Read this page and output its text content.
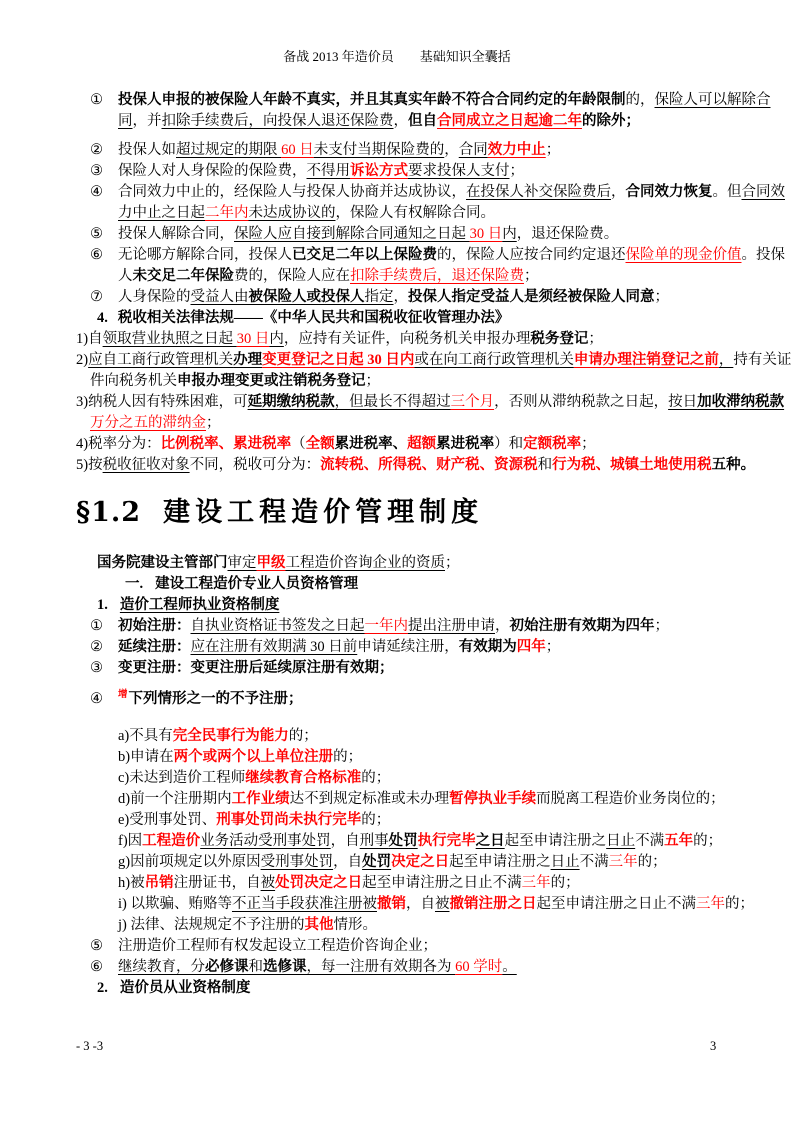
备战 2013 年造价员　　基础知识全囊括
① 投保人申报的被保险人年龄不真实，并且其真实年龄不符合合同约定的年龄限制的，保险人可以解除合同，并扣除手续费后，向投保人退还保险费，但自合同成立之日起逾二年的除外；
② 投保人如超过规定的期限 60 日未支付当期保险费的，合同效力中止；
③ 保险人对人身保险的保险费，不得用诉讼方式要求投保人支付；
④ 合同效力中止的，经保险人与投保人协商并达成协议，在投保人补交保险费后，合同效力恢复。但合同效力中止之日起二年内未达成协议的，保险人有权解除合同。
⑤ 投保人解除合同，保险人应自接到解除合同通知之日起 30 日内，退还保险费。
⑥ 无论哪方解除合同，投保人已交足二年以上保险费的，保险人应按合同约定退还保险单的现金价值。投保人未交足二年保险费的，保险人应在扣除手续费后，退还保险费；
⑦ 人身保险的受益人由被保险人或投保人指定，投保人指定受益人是须经被保险人同意；
4. 税收相关法律法规——《中华人民共和国税收征收管理办法》
1)自领取营业执照之日起 30 日内，应持有关证件，向税务机关申报办理税务登记；
2)应自工商行政管理机关办理变更登记之日起 30 日内或在向工商行政管理机关申请办理注销登记之前，持有关证件向税务机关申报办理变更或注销税务登记；
3)纳税人因有特殊困难，可延期缴纳税款，但最长不得超过三个月，否则从滞纳税款之日起，按日加收滞纳税款万分之五的滞纳金；
4)税率分为：比例税率、累进税率（全额累进税率、超额累进税率）和定额税率；
5)按税收征收对象不同，税收可分为：流转税、所得税、财产税、资源税和行为税、城镇土地使用税五种。
§1.2 建设工程造价管理制度
国务院建设主管部门审定甲级工程造价咨询企业的资质；
一. 建设工程造价专业人员资格管理
1. 造价工程师执业资格制度
① 初始注册：自执业资格证书签发之日起一年内提出注册申请，初始注册有效期为四年；
② 延续注册：应在注册有效期满 30 日前申请延续注册，有效期为四年；
③ 变更注册：变更注册后延续原注册有效期；
④ $^增$下列情形之一的不予注册；
a)不具有完全民事行为能力的；
b)申请在两个或两个以上单位注册的；
c)未达到造价工程师继续教育合格标准的；
d)前一个注册期内工作业绩达不到规定标准或未办理暂停执业手续而脱离工程造价业务岗位的；
e)受刑事处罚、刑事处罚尚未执行完毕的；
f)因工程造价业务活动受刑事处罚，自刑事处罚执行完毕之日起至申请注册之日止不满五年的；
g)因前项规定以外原因受刑事处罚，自处罚决定之日起至申请注册之日止不满三年的；
h)被吊销注册证书，自被处罚决定之日起至申请注册之日止不满三年的；
i) 以欺骗、贿赂等不正当手段获准注册被撤销，自被撤销注册之日起至申请注册之日止不满三年的；
j) 法律、法规规定不予注册的其他情形。
⑤ 注册造价工程师有权发起设立工程造价咨询企业；
⑥ 继续教育，分必修课和选修课，每一注册有效期各为 60 学时。
2. 造价员从业资格制度
- 3 -3	3
